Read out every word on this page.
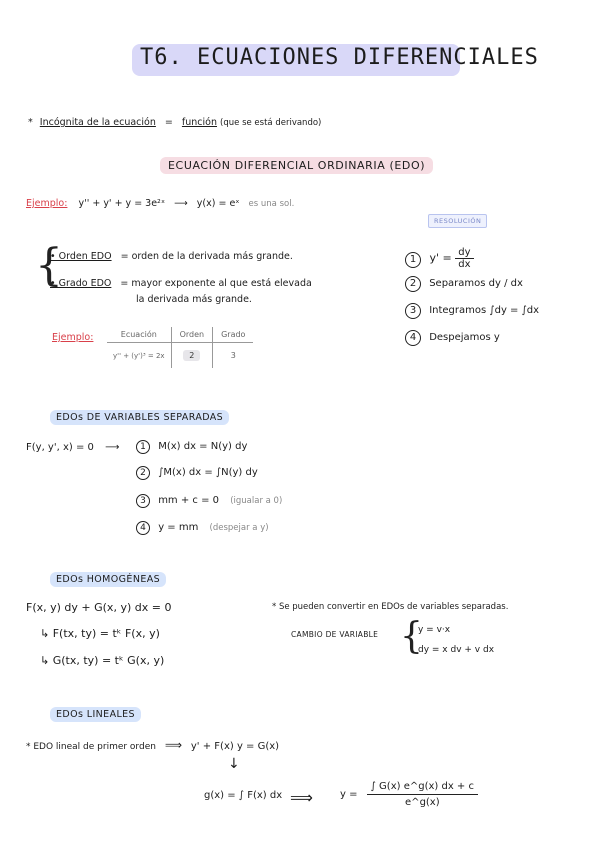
T6. ECUACIONES DIFERENCIALES
* Incógnita de la ecuación = función (que se está derivando)
ECUACIÓN DIFERENCIAL ORDINARIA (EDO)
Ejemplo: y'' + y' + y = 3e²ˣ ⟶ y(x) = eˣ es una sol.
RESOLUCIÓN
{
• Orden EDO = orden de la derivada más grande.
• Grado EDO = mayor exponente al que está elevada
la derivada más grande.
1 $y' = \frac{dy}{dx}$
2 Separamos dy / dx
3 Integramos ∫dy = ∫dx
4 Despejamos y
Ejemplo:	Ecuación	Orden	Grado
y'' + (y')³ = 2x	2	3
EDOs DE VARIABLES SEPARADAS
F(y, y', x) = 0 ⟶	1 M(x) dx = N(y) dy
2 ∫M(x) dx = ∫N(y) dy
3 mm + c = 0 (igualar a 0)
4 y = mm (despejar a y)
EDOs HOMOGÉNEAS
F(x, y) dy + G(x, y) dx = 0
↳ F(tx, ty) = tᵏ F(x, y)
↳ G(tx, ty) = tᵏ G(x, y)
* Se pueden convertir en EDOs de variables separadas.
CAMBIO DE VARIABLE {
y = v·x
dy = x dv + v dx
EDOs LINEALES
* EDO lineal de primer orden ⟹ y' + F(x) y = G(x)
↓
g(x) = ∫ F(x) dx ⟹	$y = \frac{\int G(x) e\^{}g(x) dx + c}{e\^{}g(x)}$
